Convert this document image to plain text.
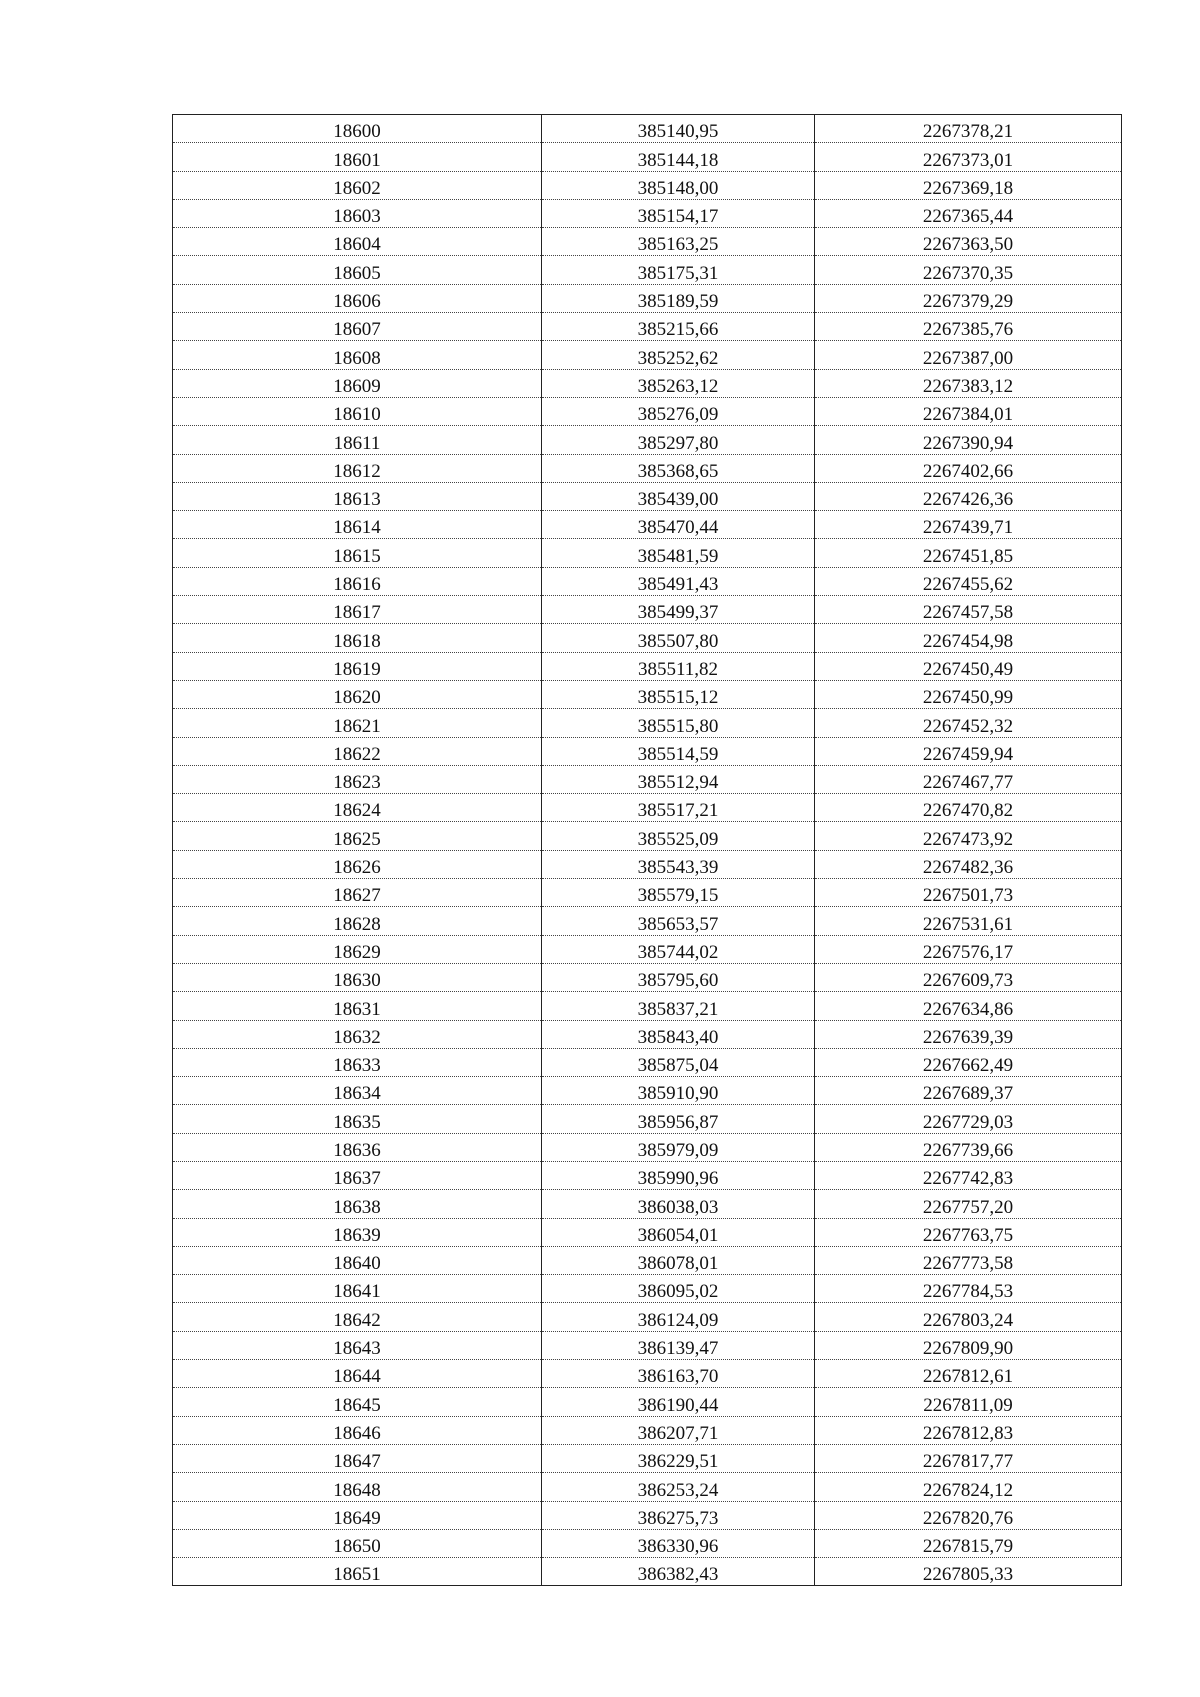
18600	385140,95	2267378,21
18601	385144,18	2267373,01
18602	385148,00	2267369,18
18603	385154,17	2267365,44
18604	385163,25	2267363,50
18605	385175,31	2267370,35
18606	385189,59	2267379,29
18607	385215,66	2267385,76
18608	385252,62	2267387,00
18609	385263,12	2267383,12
18610	385276,09	2267384,01
18611	385297,80	2267390,94
18612	385368,65	2267402,66
18613	385439,00	2267426,36
18614	385470,44	2267439,71
18615	385481,59	2267451,85
18616	385491,43	2267455,62
18617	385499,37	2267457,58
18618	385507,80	2267454,98
18619	385511,82	2267450,49
18620	385515,12	2267450,99
18621	385515,80	2267452,32
18622	385514,59	2267459,94
18623	385512,94	2267467,77
18624	385517,21	2267470,82
18625	385525,09	2267473,92
18626	385543,39	2267482,36
18627	385579,15	2267501,73
18628	385653,57	2267531,61
18629	385744,02	2267576,17
18630	385795,60	2267609,73
18631	385837,21	2267634,86
18632	385843,40	2267639,39
18633	385875,04	2267662,49
18634	385910,90	2267689,37
18635	385956,87	2267729,03
18636	385979,09	2267739,66
18637	385990,96	2267742,83
18638	386038,03	2267757,20
18639	386054,01	2267763,75
18640	386078,01	2267773,58
18641	386095,02	2267784,53
18642	386124,09	2267803,24
18643	386139,47	2267809,90
18644	386163,70	2267812,61
18645	386190,44	2267811,09
18646	386207,71	2267812,83
18647	386229,51	2267817,77
18648	386253,24	2267824,12
18649	386275,73	2267820,76
18650	386330,96	2267815,79
18651	386382,43	2267805,33
